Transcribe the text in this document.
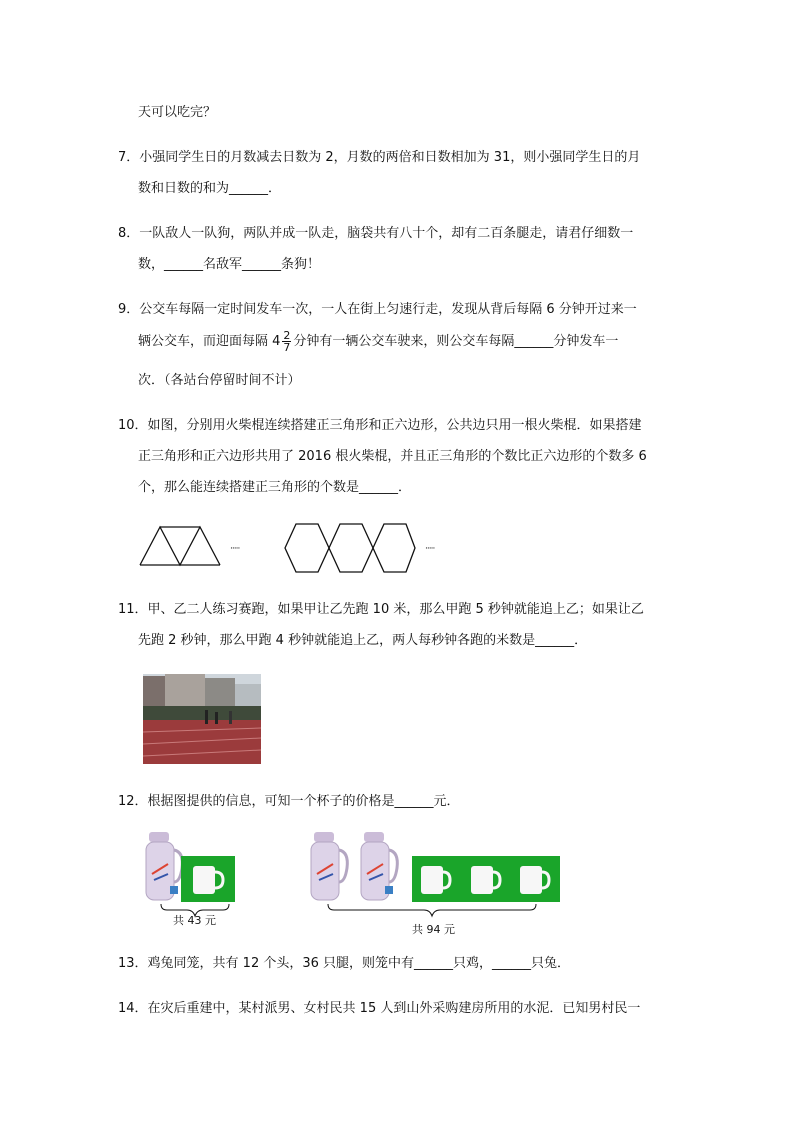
天可以吃完？
7．小强同学生日的月数减去日数为 2，月数的两倍和日数相加为 31，则小强同学生日的月
数和日数的和为______．
8．一队敌人一队狗，两队并成一队走，脑袋共有八十个，却有二百条腿走，请君仔细数一
数，______名敌军______条狗！
9．公交车每隔一定时间发车一次，一人在街上匀速行走，发现从背后每隔 6 分钟开过来一
辆公交车，而迎面每隔 $4 \frac{2}{7}$ 分钟有一辆公交车驶来，则公交车每隔______分钟发车一
次．（各站台停留时间不计）
10．如图，分别用火柴棍连续搭建正三角形和正六边形，公共边只用一根火柴棍．如果搭建
正三角形和正六边形共用了 2016 根火柴棍，并且正三角形的个数比正六边形的个数多 6
个，那么能连续搭建正三角形的个数是______．
·····	·····
11．甲、乙二人练习赛跑，如果甲让乙先跑 10 米，那么甲跑 5 秒钟就能追上乙；如果让乙
先跑 2 秒钟，那么甲跑 4 秒钟就能追上乙，两人每秒钟各跑的米数是______．
12．根据图提供的信息，可知一个杯子的价格是______元．
共 43 元
共 94 元
13．鸡兔同笼，共有 12 个头，36 只腿，则笼中有______只鸡，______只兔．
14．在灾后重建中，某村派男、女村民共 15 人到山外采购建房所用的水泥．已知男村民一
